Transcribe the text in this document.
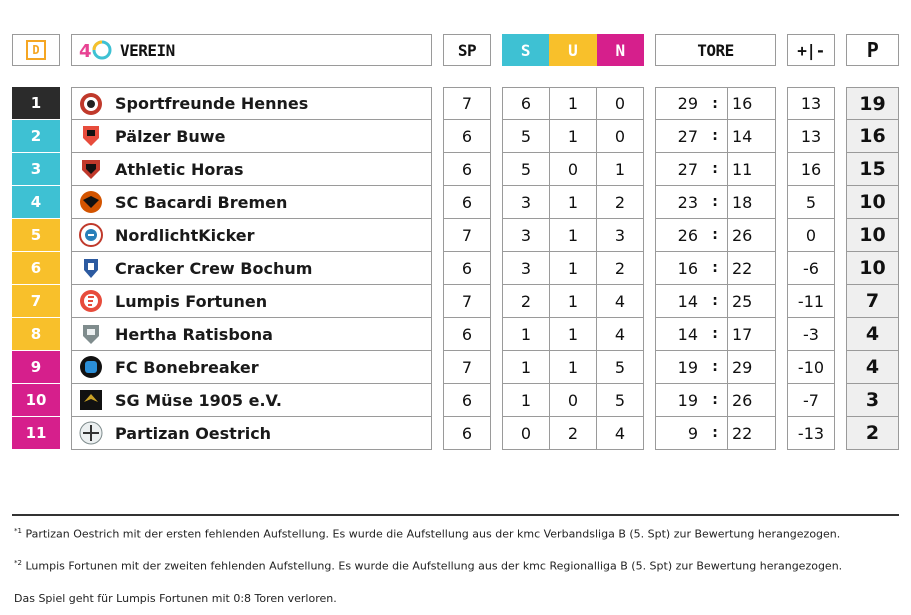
D	4 VEREIN	SP	S	U	N	TORE	+|- P
1	Sportfreunde Hennes	7	6	1	0	29	: 16	13	19
2	Pälzer Buwe	6	5	1	0	27	: 14	13	16
3	Athletic Horas	6	5	0	1	27	: 11	16	15
4	SC Bacardi Bremen	6	3	1	2	23	: 18	5	10
5	NordlichtKicker	7	3	1	3	26	: 26	0	10
6	Cracker Crew Bochum	6	3	1	2	16	: 22	-6	10
7	Lumpis Fortunen	7	2	1	4	14	: 25	-11	7
8	Hertha Ratisbona	6	1	1	4	14	: 17	-3	4
9	FC Bonebreaker	7	1	1	5	19	: 29	-10	4
10	SG Müse 1905 e.V.	6	1	0	5	19	: 26	-7	3
11	Partizan Oestrich	6	0	2	4	9	: 22	-13	2
$^{*1}$ Partizan Oestrich mit der ersten fehlenden Aufstellung. Es wurde die Aufstellung aus der kmc Verbandsliga B (5. Spt) zur Bewertung herangezogen.
$^{*2}$ Lumpis Fortunen mit der zweiten fehlenden Aufstellung. Es wurde die Aufstellung aus der kmc Regionalliga B (5. Spt) zur Bewertung herangezogen.
Das Spiel geht für Lumpis Fortunen mit 0:8 Toren verloren.
